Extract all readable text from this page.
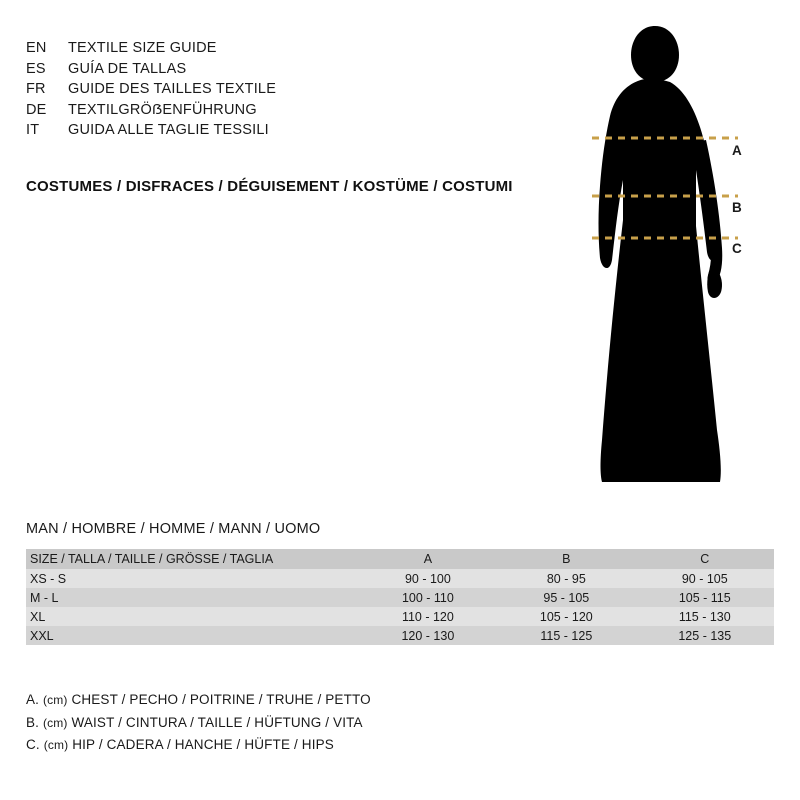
EN	TEXTILE SIZE GUIDE
ES	GUÍA DE TALLAS
FR	GUIDE DES TAILLES TEXTILE
DE	TEXTILGRÖẞENFÜHRUNG
IT	GUIDA ALLE TAGLIE TESSILI
COSTUMES / DISFRACES / DÉGUISEMENT / KOSTÜME / COSTUMI
A
B
C
MAN / HOMBRE / HOMME / MANN / UOMO
SIZE / TALLA / TAILLE / GRÖSSE / TAGLIA	A	B	C
XS - S	90 - 100	80 - 95	90 - 105
M - L	100 - 110	95 - 105	105 - 115
XL	110 - 120	105 - 120	115 - 130
XXL	120 - 130	115 - 125	125 - 135
A. (cm) CHEST / PECHO / POITRINE / TRUHE / PETTO
B. (cm) WAIST / CINTURA / TAILLE / HÜFTUNG / VITA
C. (cm) HIP / CADERA / HANCHE / HÜFTE / HIPS
